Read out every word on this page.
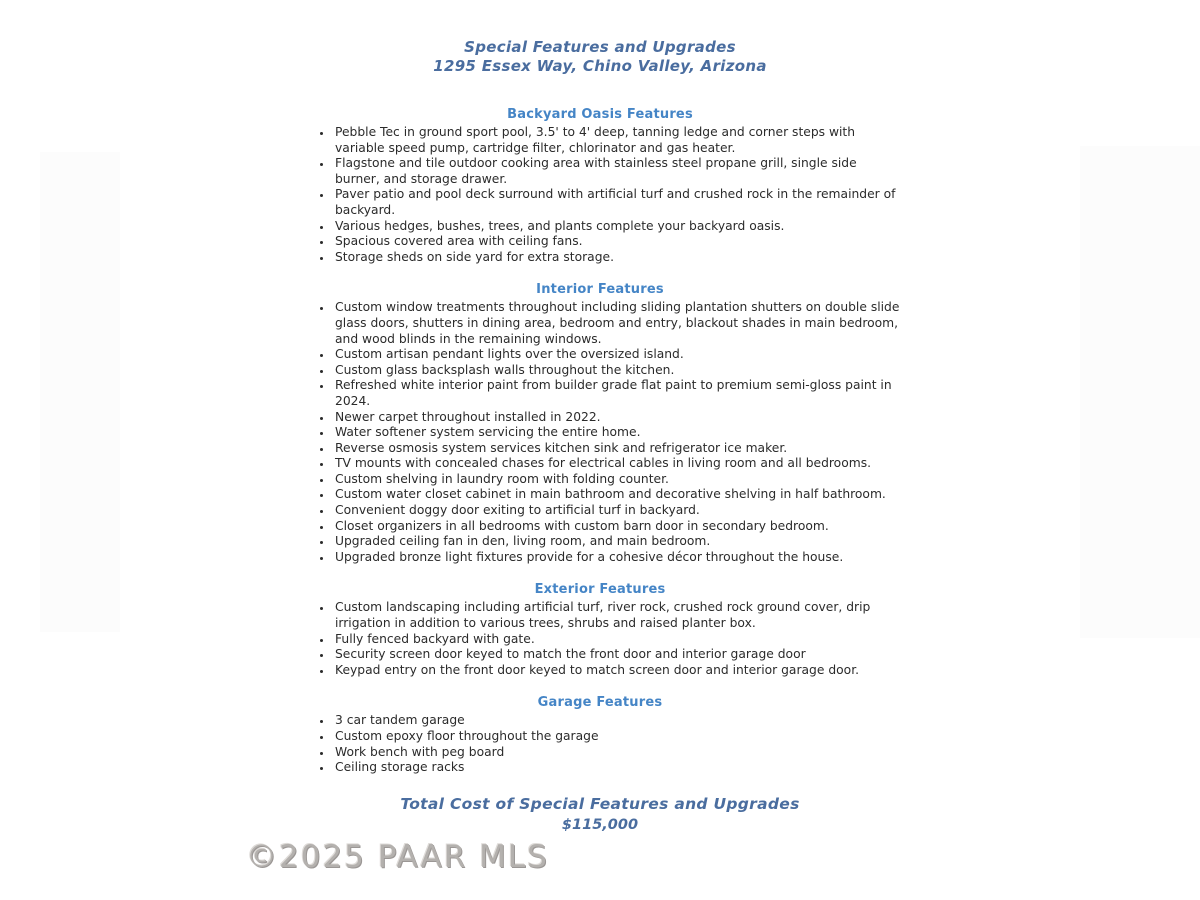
Special Features and Upgrades
1295 Essex Way, Chino Valley, Arizona
Backyard Oasis Features
• Pebble Tec in ground sport pool, 3.5' to 4' deep, tanning ledge and corner steps with variable speed pump, cartridge filter, chlorinator and gas heater.
• Flagstone and tile outdoor cooking area with stainless steel propane grill, single side burner, and storage drawer.
• Paver patio and pool deck surround with artificial turf and crushed rock in the remainder of backyard.
• Various hedges, bushes, trees, and plants complete your backyard oasis.
• Spacious covered area with ceiling fans.
• Storage sheds on side yard for extra storage.
Interior Features
• Custom window treatments throughout including sliding plantation shutters on double slide glass doors, shutters in dining area, bedroom and entry, blackout shades in main bedroom, and wood blinds in the remaining windows.
• Custom artisan pendant lights over the oversized island.
• Custom glass backsplash walls throughout the kitchen.
• Refreshed white interior paint from builder grade flat paint to premium semi-gloss paint in 2024.
• Newer carpet throughout installed in 2022.
• Water softener system servicing the entire home.
• Reverse osmosis system services kitchen sink and refrigerator ice maker.
• TV mounts with concealed chases for electrical cables in living room and all bedrooms.
• Custom shelving in laundry room with folding counter.
• Custom water closet cabinet in main bathroom and decorative shelving in half bathroom.
• Convenient doggy door exiting to artificial turf in backyard.
• Closet organizers in all bedrooms with custom barn door in secondary bedroom.
• Upgraded ceiling fan in den, living room, and main bedroom.
• Upgraded bronze light fixtures provide for a cohesive décor throughout the house.
Exterior Features
• Custom landscaping including artificial turf, river rock, crushed rock ground cover, drip irrigation in addition to various trees, shrubs and raised planter box.
• Fully fenced backyard with gate.
• Security screen door keyed to match the front door and interior garage door
• Keypad entry on the front door keyed to match screen door and interior garage door.
Garage Features
• 3 car tandem garage
• Custom epoxy floor throughout the garage
• Work bench with peg board
• Ceiling storage racks
Total Cost of Special Features and Upgrades
$115,000
©2025 PAAR MLS
